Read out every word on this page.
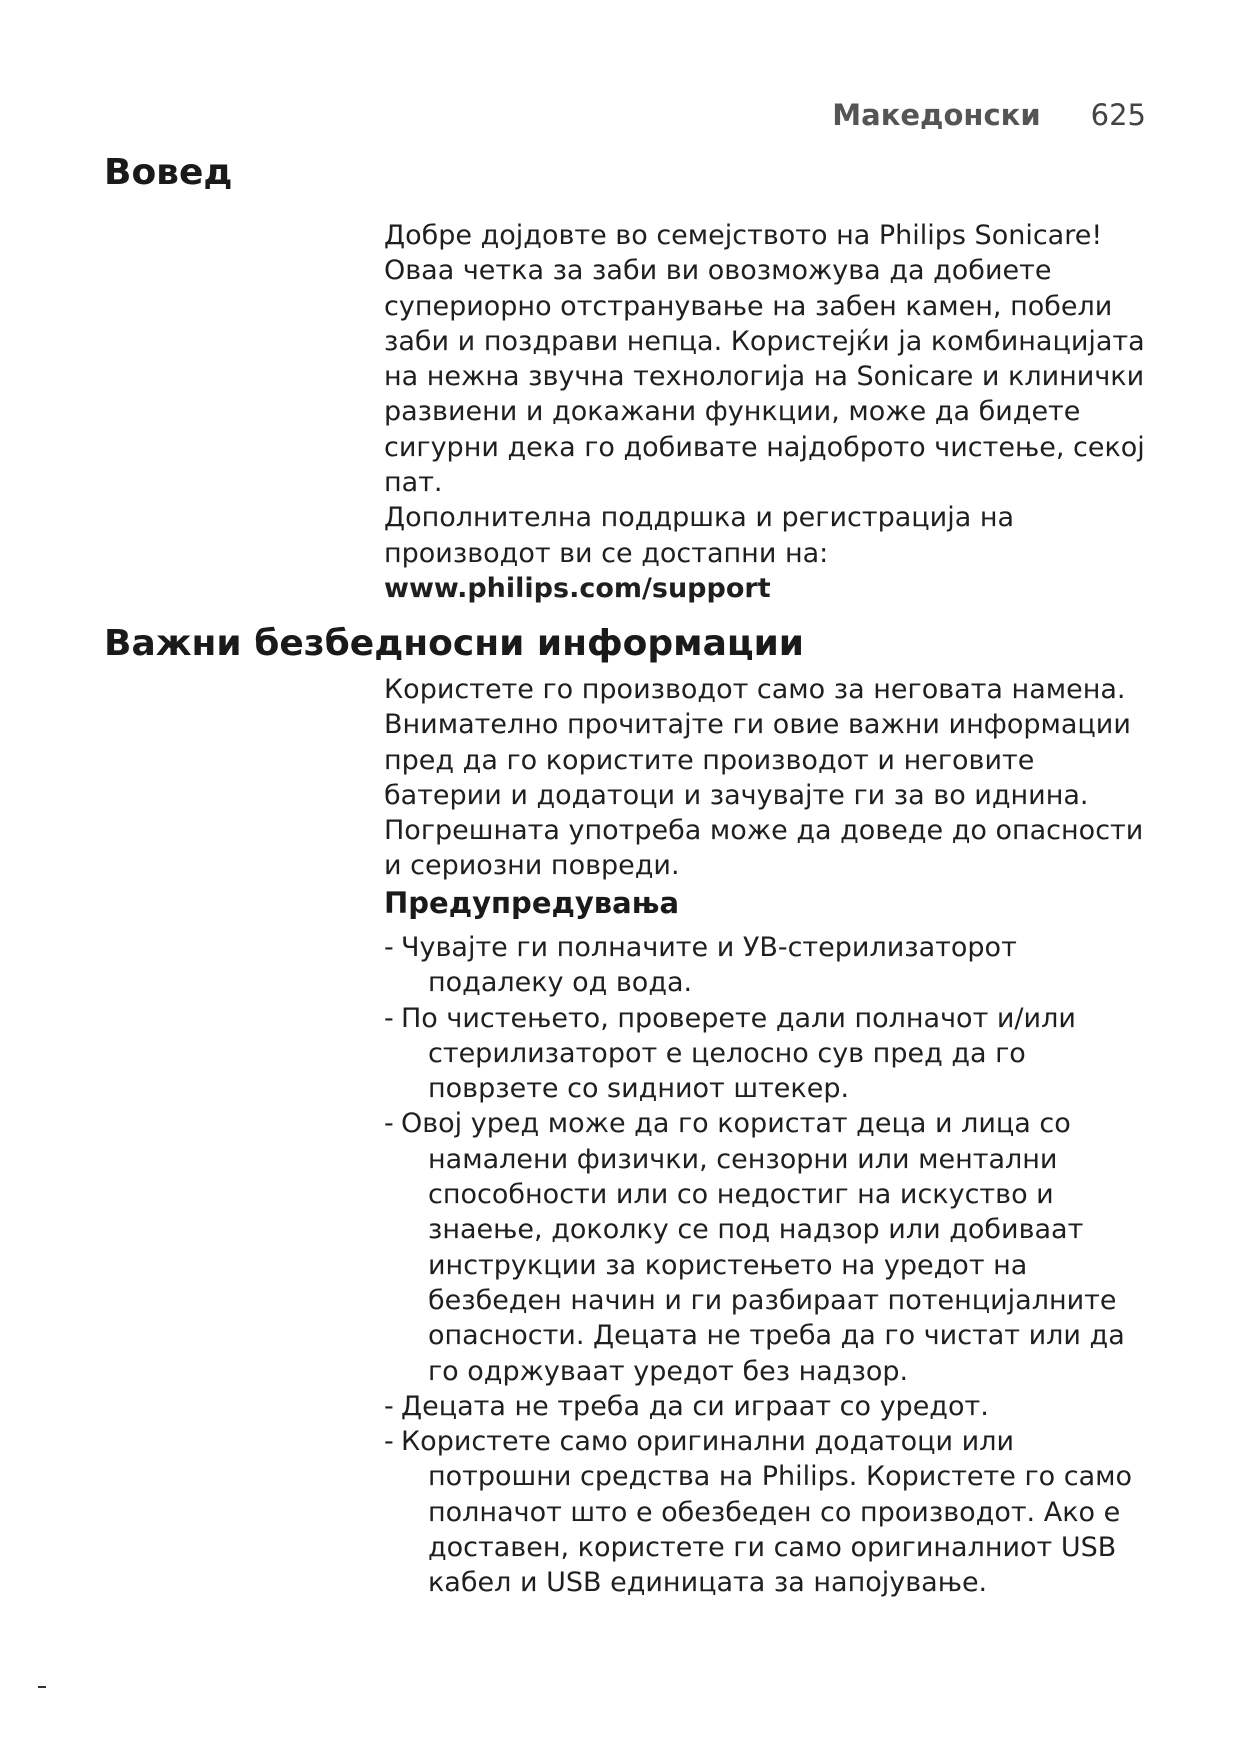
Македонски 625
Вовед

Добре дојдовте во семејството на Philips Sonicare! Оваа четка за заби ви овозможува да добиете супериорно отстранување на забен камен, побели заби и поздрави непца. Користејќи ја комбинацијата на нежна звучна технологија на Sonicare и клинички развиени и докажани функции, може да бидете сигурни дека го добивате најдоброто чистење, секој пат.

Дополнителна поддршка и регистрација на производот ви се достапни на:

www.philips.com/support

Важни безбедносни информации

Користете го производот само за неговата намена. Внимателно прочитајте ги овие важни информации пред да го користите производот и неговите батерии и додатоци и зачувајте ги за во иднина. Погрешната употреба може да доведе до опасности и сериозни повреди.

Предупредувања
- Чувајте ги полначите и УВ-стерилизаторот подалеку од вода.
- По чистењето, проверете дали полначот и/или стерилизаторот е целосно сув пред да го поврзете со ѕидниот штекер.
- Овој уред може да го користат деца и лица со намалени физички, сензорни или ментални способности или со недостиг на искуство и знаење, доколку се под надзор или добиваат инструкции за користењето на уредот на безбеден начин и ги разбираат потенцијалните опасности. Децата не треба да го чистат или да го одржуваат уредот без надзор.
- Децата не треба да си играат со уредот.
- Користете само оригинални додатоци или потрошни средства на Philips. Користете го само полначот што е обезбеден со производот. Ако е доставен, користете ги само оригиналниот USB кабел и USB единицата за напојување.
